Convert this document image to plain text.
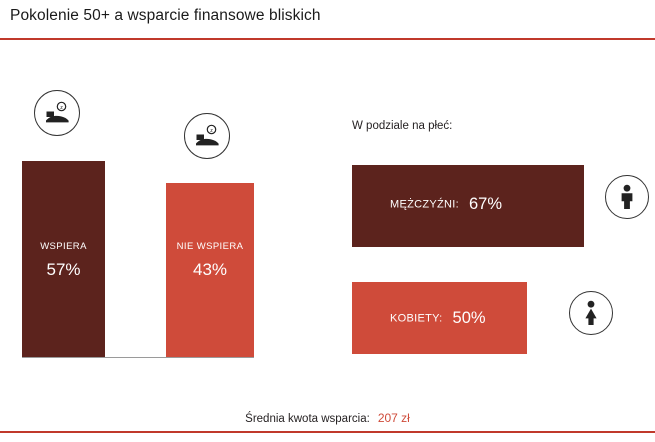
Pokolenie 50+ a wsparcie finansowe bliskich
z
z
WSPIERA
57%
NIE WSPIERA
43%
W podziale na płeć:
MĘŻCZYŹNI: 67%
KOBIETY: 50%
Średnia kwota wsparcia: 207 zł
